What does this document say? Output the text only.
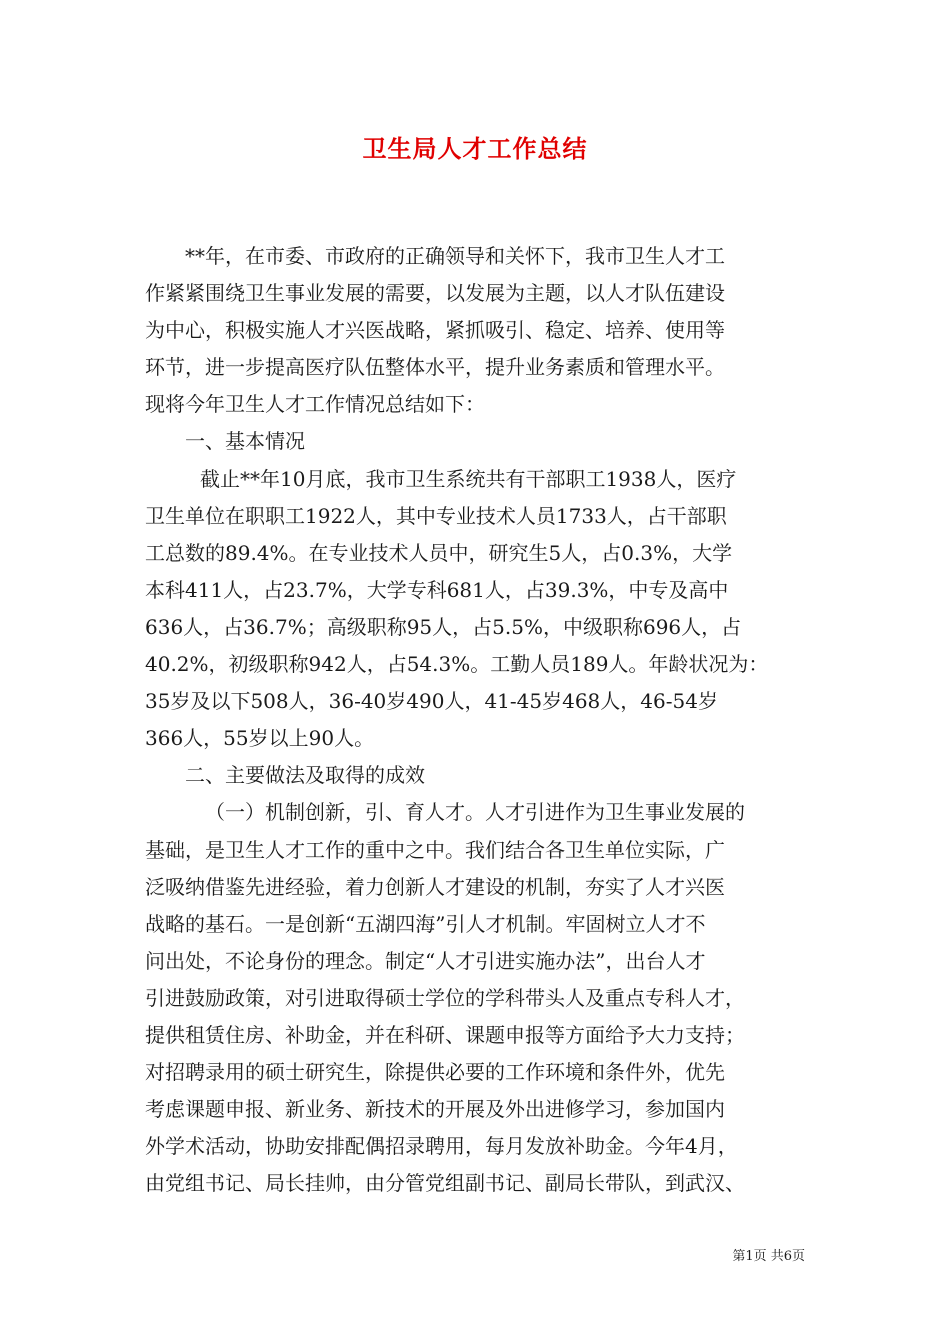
卫生局人才工作总结
**年，在市委、市政府的正确领导和关怀下，我市卫生人才工
作紧紧围绕卫生事业发展的需要，以发展为主题，以人才队伍建设
为中心，积极实施人才兴医战略，紧抓吸引、稳定、培养、使用等
环节，进一步提高医疗队伍整体水平，提升业务素质和管理水平。
现将今年卫生人才工作情况总结如下：
一、基本情况
截止**年10月底，我市卫生系统共有干部职工1938人，医疗
卫生单位在职职工1922人，其中专业技术人员1733人，占干部职
工总数的89.4%。在专业技术人员中，研究生5人，占0.3%，大学
本科411人，占23.7%，大学专科681人，占39.3%，中专及高中
636人，占36.7%；高级职称95人，占5.5%，中级职称696人，占
40.2%，初级职称942人，占54.3%。工勤人员189人。年龄状况为：
35岁及以下508人，36-40岁490人，41-45岁468人，46-54岁
366人，55岁以上90人。
二、主要做法及取得的成效
（一）机制创新，引、育人才。人才引进作为卫生事业发展的
基础，是卫生人才工作的重中之中。我们结合各卫生单位实际，广
泛吸纳借鉴先进经验，着力创新人才建设的机制，夯实了人才兴医
战略的基石。一是创新“五湖四海”引人才机制。牢固树立人才不
问出处，不论身份的理念。制定“人才引进实施办法”，出台人才
引进鼓励政策，对引进取得硕士学位的学科带头人及重点专科人才，
提供租赁住房、补助金，并在科研、课题申报等方面给予大力支持；
对招聘录用的硕士研究生，除提供必要的工作环境和条件外，优先
考虑课题申报、新业务、新技术的开展及外出进修学习，参加国内
外学术活动，协助安排配偶招录聘用，每月发放补助金。今年4月，
由党组书记、局长挂帅，由分管党组副书记、副局长带队，到武汉、
第1页 共6页
